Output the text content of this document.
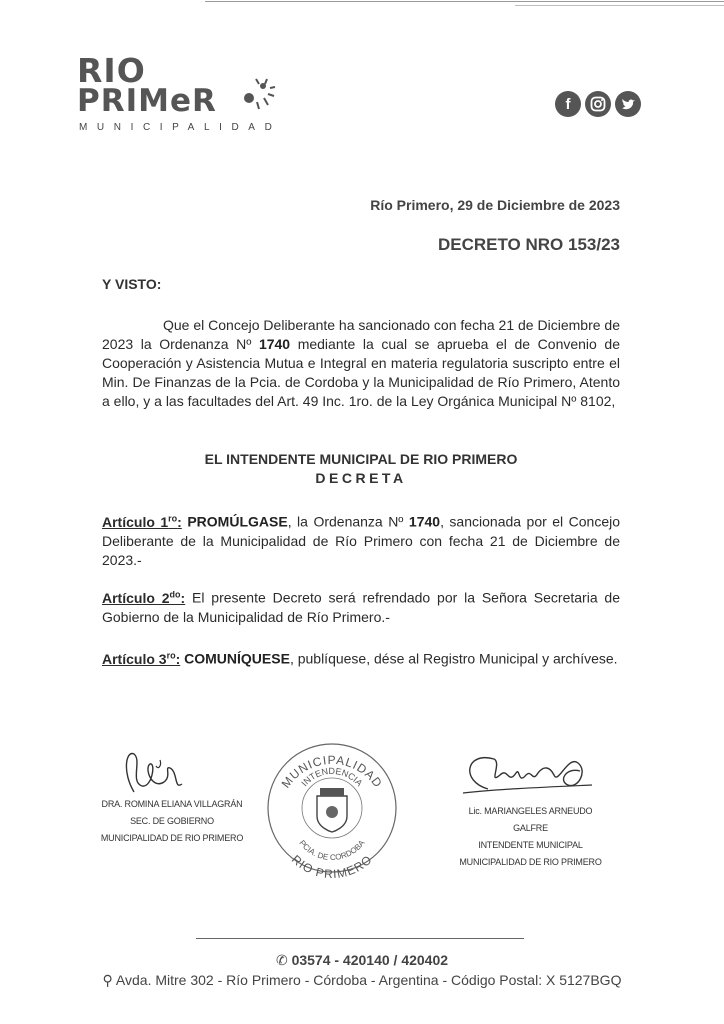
RIO
PRIMeR
MUNICIPALIDAD
f
Río Primero, 29 de Diciembre de 2023
DECRETO NRO 153/23
Y VISTO:
Que el Concejo Deliberante ha sancionado con fecha 21 de Diciembre de 2023 la Ordenanza Nº 1740 mediante la cual se aprueba el de Convenio de Cooperación y Asistencia Mutua e Integral en materia regulatoria suscripto entre el Min. De Finanzas de la Pcia. de Cordoba y la Municipalidad de Río Primero, Atento a ello, y a las facultades del Art. 49 Inc. 1ro. de la Ley Orgánica Municipal Nº 8102,
EL INTENDENTE MUNICIPAL DE RIO PRIMERO
DECRETA
Artículo $1^{ro}$: PROMÚLGASE, la Ordenanza Nº 1740, sancionada por el Concejo Deliberante de la Municipalidad de Río Primero con fecha 21 de Diciembre de 2023.-
Artículo $2^{do}$: El presente Decreto será refrendado por la Señora Secretaria de Gobierno de la Municipalidad de Río Primero.-
Artículo $3^{ro}$: COMUNÍQUESE, publíquese, dése al Registro Municipal y archívese.
DRA. ROMINA ELIANA VILLAGRÁN
SEC. DE GOBIERNO
MUNICIPALIDAD DE RIO PRIMERO
MUNICIPALIDAD
INTENDENCIA
PCIA. DE CORDOBA
RIO PRIMERO
Lic. MARIANGELES ARNEUDO GALFRE
INTENDENTE MUNICIPAL
MUNICIPALIDAD DE RIO PRIMERO
✆ 03574 - 420140 / 420402
⚲ Avda. Mitre 302 - Río Primero - Córdoba - Argentina - Código Postal: X 5127BGQ
